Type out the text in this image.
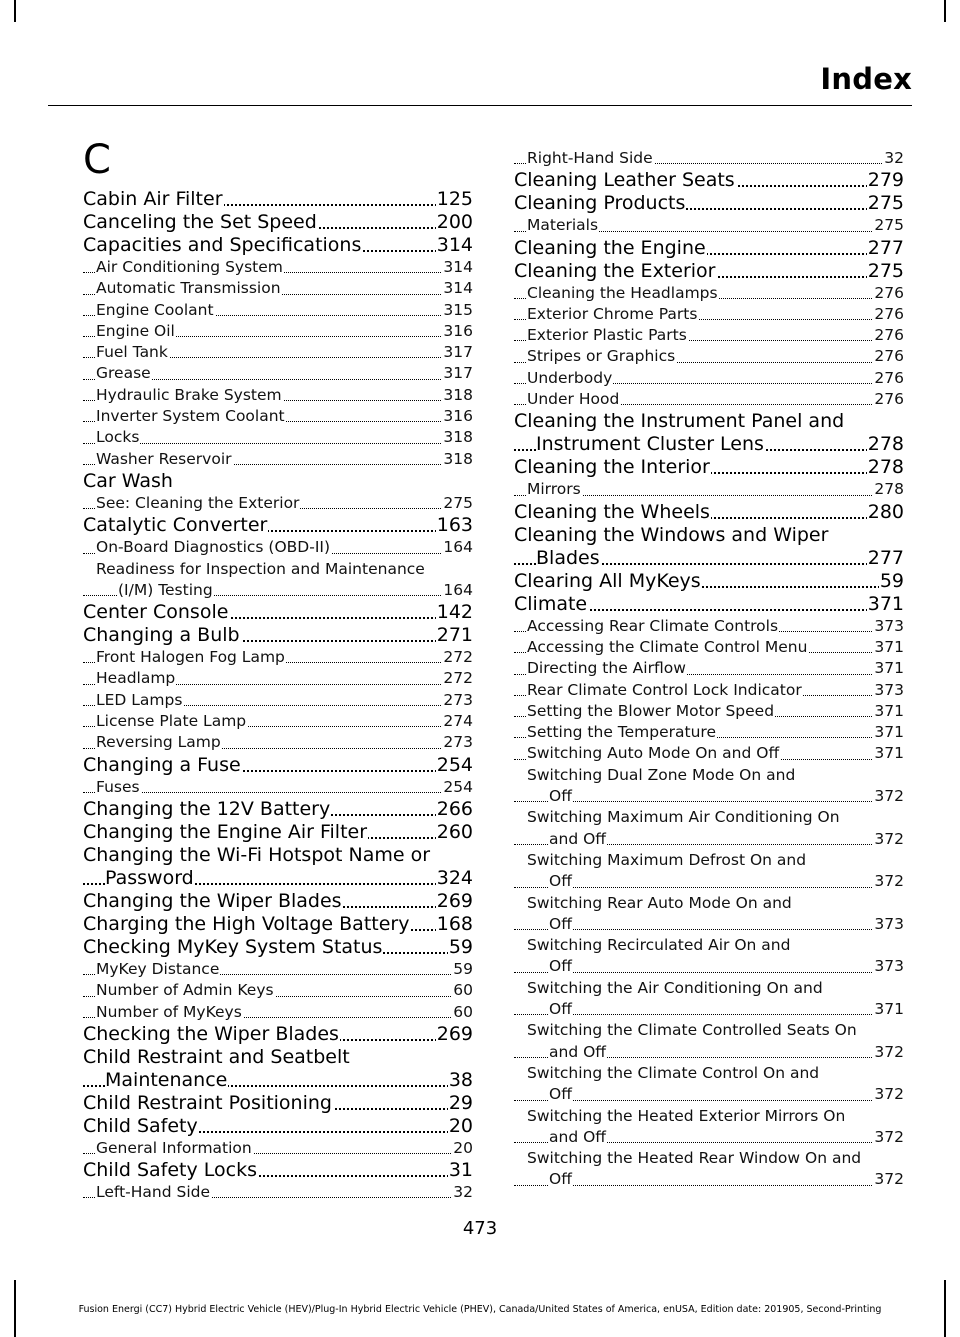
Index
C
Cabin Air Filter	125
Canceling the Set Speed	200
Capacities and Specifications	314
Air Conditioning System	314
Automatic Transmission	314
Engine Coolant	315
Engine Oil	316
Fuel Tank	317
Grease	317
Hydraulic Brake System	318
Inverter System Coolant	316
Locks	318
Washer Reservoir	318
Car Wash
See: Cleaning the Exterior	275
Catalytic Converter	163
On-Board Diagnostics (OBD-II)	164
Readiness for Inspection and Maintenance
(I/M) Testing	164
Center Console	142
Changing a Bulb	271
Front Halogen Fog Lamp	272
Headlamp	272
LED Lamps	273
License Plate Lamp	274
Reversing Lamp	273
Changing a Fuse	254
Fuses	254
Changing the 12V Battery	266
Changing the Engine Air Filter	260
Changing the Wi-Fi Hotspot Name or
Password	324
Changing the Wiper Blades	269
Charging the High Voltage Battery 168
Checking MyKey System Status	59
MyKey Distance	59
Number of Admin Keys	60
Number of MyKeys	60
Checking the Wiper Blades	269
Child Restraint and Seatbelt
Maintenance	38
Child Restraint Positioning	29
Child Safety	20
General Information	20
Child Safety Locks	31
Left-Hand Side	32
Right-Hand Side	32
Cleaning Leather Seats	279
Cleaning Products	275
Materials	275
Cleaning the Engine	277
Cleaning the Exterior	275
Cleaning the Headlamps	276
Exterior Chrome Parts	276
Exterior Plastic Parts	276
Stripes or Graphics	276
Underbody	276
Under Hood	276
Cleaning the Instrument Panel and
Instrument Cluster Lens	278
Cleaning the Interior	278
Mirrors	278
Cleaning the Wheels	280
Cleaning the Windows and Wiper
Blades	277
Clearing All MyKeys	59
Climate	371
Accessing Rear Climate Controls	373
Accessing the Climate Control Menu	371
Directing the Airflow	371
Rear Climate Control Lock Indicator	373
Setting the Blower Motor Speed	371
Setting the Temperature	371
Switching Auto Mode On and Off	371
Switching Dual Zone Mode On and
Off	372
Switching Maximum Air Conditioning On
and Off	372
Switching Maximum Defrost On and
Off	372
Switching Rear Auto Mode On and
Off	373
Switching Recirculated Air On and
Off	373
Switching the Air Conditioning On and
Off	371
Switching the Climate Controlled Seats On
and Off	372
Switching the Climate Control On and
Off	372
Switching the Heated Exterior Mirrors On
and Off	372
Switching the Heated Rear Window On and
Off	372
473
Fusion Energi (CC7) Hybrid Electric Vehicle (HEV)/Plug-In Hybrid Electric Vehicle (PHEV), Canada/United States of America, enUSA, Edition date: 201905, Second-Printing
